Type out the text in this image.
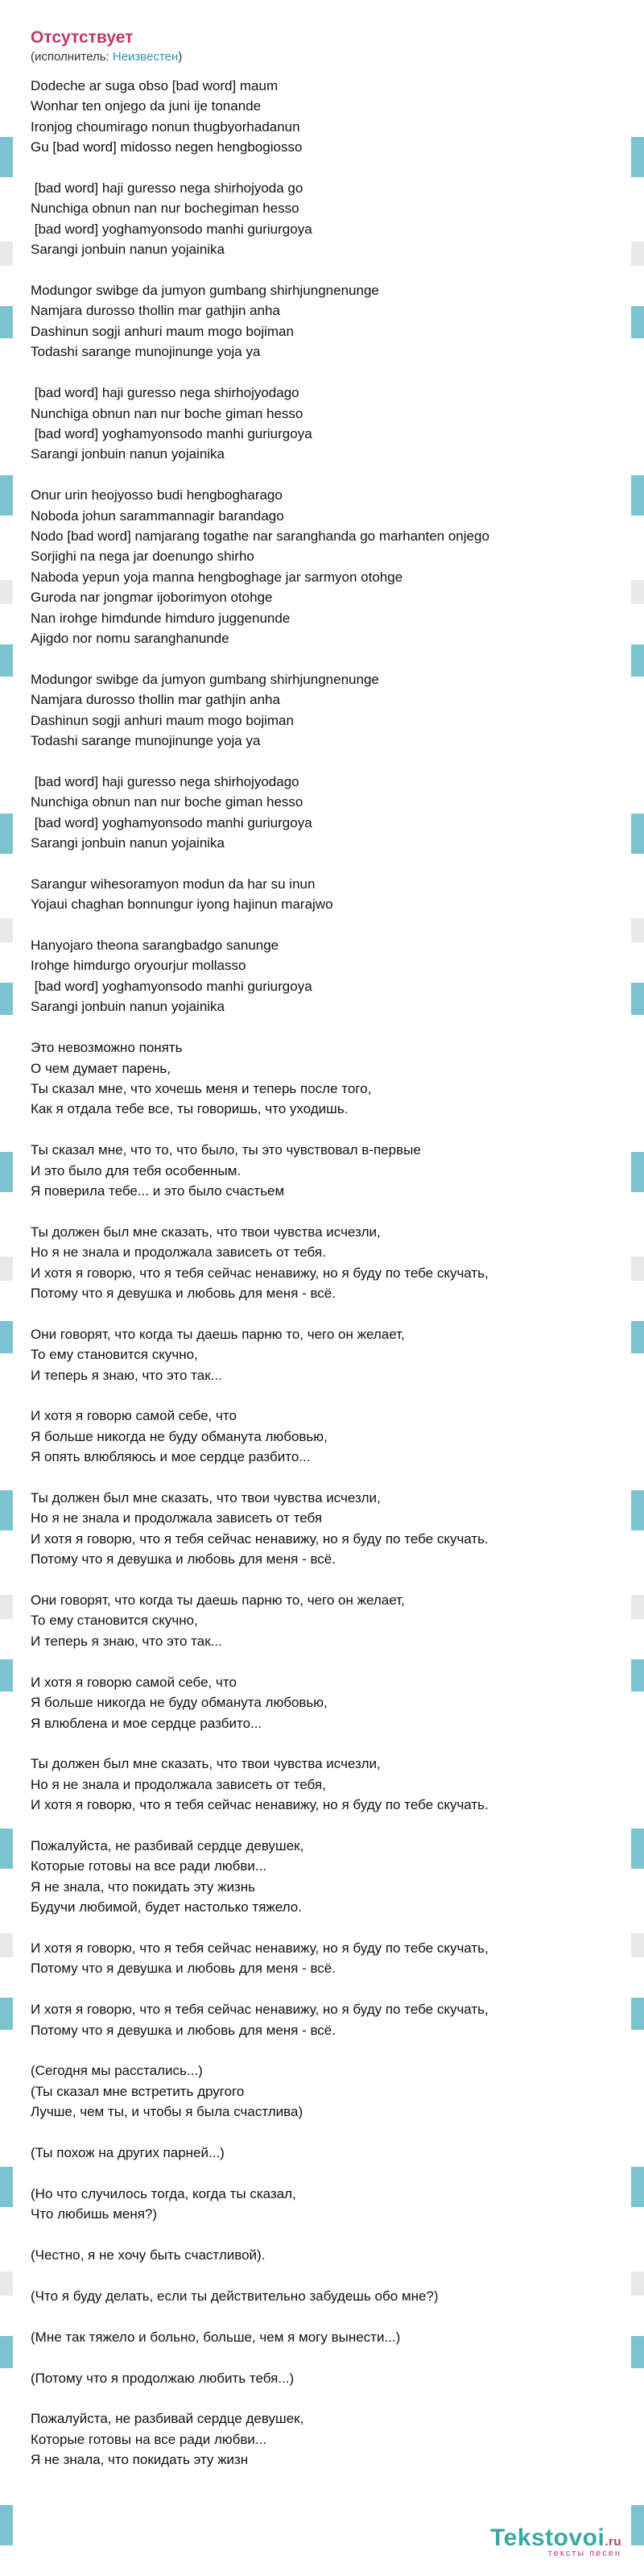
Отсутствует
(исполнитель: Неизвестен)
Dodeche ar suga obso [bad word] maum
Wonhar ten onjego da juni ije tonande
Ironjog choumirago nonun thugbyorhadanun
Gu [bad word] midosso negen hengbogiosso

[bad word] haji guresso nega shirhojyoda go
Nunchiga obnun nan nur bochegiman hesso
[bad word] yoghamyonsodo manhi guriurgoya
Sarangi jonbuin nanun yojainika

Modungor swibge da jumyon gumbang shirhjungnenunge
Namjara durosso thollin mar gathjin anha
Dashinun sogji anhuri maum mogo bojiman
Todashi sarange munojinunge yoja ya

[bad word] haji guresso nega shirhojyodago
Nunchiga obnun nan nur boche giman hesso
[bad word] yoghamyonsodo manhi guriurgoya
Sarangi jonbuin nanun yojainika

Onur urin heojyosso budi hengbogharago
Noboda johun sarammannagir barandago
Nodo [bad word] namjarang togathe nar saranghanda go marhanten onjego
Sorjighi na nega jar doenungo shirho
Naboda yepun yoja manna hengboghage jar sarmyon otohge
Guroda nar jongmar ijoborimyon otohge
Nan irohge himdunde himduro juggenunde
Ajigdo nor nomu saranghanunde

Modungor swibge da jumyon gumbang shirhjungnenunge
Namjara durosso thollin mar gathjin anha
Dashinun sogji anhuri maum mogo bojiman
Todashi sarange munojinunge yoja ya

[bad word] haji guresso nega shirhojyodago
Nunchiga obnun nan nur boche giman hesso
[bad word] yoghamyonsodo manhi guriurgoya
Sarangi jonbuin nanun yojainika

Sarangur wihesoramyon modun da har su inun
Yojaui chaghan bonnungur iyong hajinun marajwo

Hanyojaro theona sarangbadgo sanunge
Irohge himdurgo oryourjur mollasso
[bad word] yoghamyonsodo manhi guriurgoya
Sarangi jonbuin nanun yojainika

Это невозможно понять
О чем думает парень,
Ты сказал мне, что хочешь меня и теперь после того,
Как я отдала тебе все, ты говоришь, что уходишь.

Ты сказал мне, что то, что было, ты это чувствовал в-первые
И это было для тебя особенным.
Я поверила тебе... и это было счастьем

Ты должен был мне сказать, что твои чувства исчезли,
Но я не знала и продолжала зависеть от тебя.
И хотя я говорю, что я тебя сейчас ненавижу, но я буду по тебе скучать,
Потому что я девушка и любовь для меня - всё.

Они говорят, что когда ты даешь парню то, чего он желает,
То ему становится скучно,
И теперь я знаю, что это так...

И хотя я говорю самой себе, что
Я больше никогда не буду обманута любовью,
Я опять влюбляюсь и мое сердце разбито...

Ты должен был мне сказать, что твои чувства исчезли,
Но я не знала и продолжала зависеть от тебя
И хотя я говорю, что я тебя сейчас ненавижу, но я буду по тебе скучать.
Потому что я девушка и любовь для меня - всё.

Они говорят, что когда ты даешь парню то, чего он желает,
То ему становится скучно,
И теперь я знаю, что это так...

И хотя я говорю самой себе, что
Я больше никогда не буду обманута любовью,
Я влюблена и мое сердце разбито...

Ты должен был мне сказать, что твои чувства исчезли,
Но я не знала и продолжала зависеть от тебя,
И хотя я говорю, что я тебя сейчас ненавижу, но я буду по тебе скучать.

Пожалуйста, не разбивай сердце девушек,
Которые готовы на все ради любви...
Я не знала, что покидать эту жизнь
Будучи любимой, будет настолько тяжело.

И хотя я говорю, что я тебя сейчас ненавижу, но я буду по тебе скучать,
Потому что я девушка и любовь для меня - всё.

И хотя я говорю, что я тебя сейчас ненавижу, но я буду по тебе скучать,
Потому что я девушка и любовь для меня - всё.

(Сегодня мы расстались...)
(Ты сказал мне встретить другого
Лучше, чем ты, и чтобы я была счастлива)

(Ты похож на других парней...)

(Но что случилось тогда, когда ты сказал,
Что любишь меня?)

(Честно, я не хочу быть счастливой).

(Что я буду делать, если ты действительно забудешь обо мне?)

(Мне так тяжело и больно, больше, чем я могу вынести...)

(Потому что я продолжаю любить тебя...)

Пожалуйста, не разбивай сердце девушек,
Которые готовы на все ради любви...
Я не знала, что покидать эту жизн
Tekstovoi.ru
тексты песен
